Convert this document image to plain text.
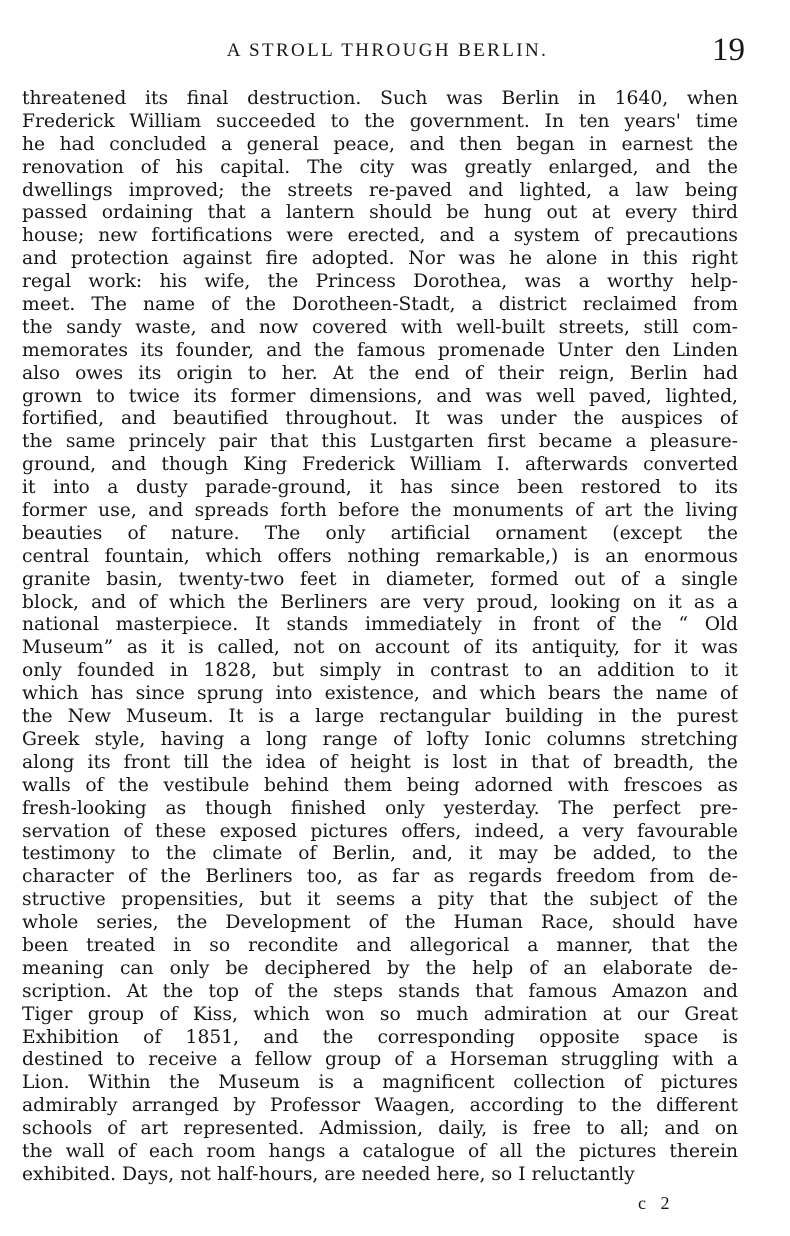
A STROLL THROUGH BERLIN.	19
threatened its final destruction. Such was Berlin in 1640, when
Frederick William succeeded to the government. In ten years' time
he had concluded a general peace, and then began in earnest the
renovation of his capital. The city was greatly enlarged, and the
dwellings improved; the streets re-paved and lighted, a law being
passed ordaining that a lantern should be hung out at every third
house; new fortifications were erected, and a system of precautions
and protection against fire adopted. Nor was he alone in this right
regal work: his wife, the Princess Dorothea, was a worthy help-
meet. The name of the Dorotheen-Stadt, a district reclaimed from
the sandy waste, and now covered with well-built streets, still com-
memorates its founder, and the famous promenade Unter den Linden
also owes its origin to her. At the end of their reign, Berlin had
grown to twice its former dimensions, and was well paved, lighted,
fortified, and beautified throughout. It was under the auspices of
the same princely pair that this Lustgarten first became a pleasure-
ground, and though King Frederick William I. afterwards converted
it into a dusty parade-ground, it has since been restored to its
former use, and spreads forth before the monuments of art the living
beauties of nature. The only artificial ornament (except the
central fountain, which offers nothing remarkable,) is an enormous
granite basin, twenty-two feet in diameter, formed out of a single
block, and of which the Berliners are very proud, looking on it as a
national masterpiece. It stands immediately in front of the “ Old
Museum” as it is called, not on account of its antiquity, for it was
only founded in 1828, but simply in contrast to an addition to it
which has since sprung into existence, and which bears the name of
the New Museum. It is a large rectangular building in the purest
Greek style, having a long range of lofty Ionic columns stretching
along its front till the idea of height is lost in that of breadth, the
walls of the vestibule behind them being adorned with frescoes as
fresh-looking as though finished only yesterday. The perfect pre-
servation of these exposed pictures offers, indeed, a very favourable
testimony to the climate of Berlin, and, it may be added, to the
character of the Berliners too, as far as regards freedom from de-
structive propensities, but it seems a pity that the subject of the
whole series, the Development of the Human Race, should have
been treated in so recondite and allegorical a manner, that the
meaning can only be deciphered by the help of an elaborate de-
scription. At the top of the steps stands that famous Amazon and
Tiger group of Kiss, which won so much admiration at our Great
Exhibition of 1851, and the corresponding opposite space is
destined to receive a fellow group of a Horseman struggling with a
Lion. Within the Museum is a magnificent collection of pictures
admirably arranged by Professor Waagen, according to the different
schools of art represented. Admission, daily, is free to all; and on
the wall of each room hangs a catalogue of all the pictures therein
exhibited. Days, not half-hours, are needed here, so I reluctantly
c 2
